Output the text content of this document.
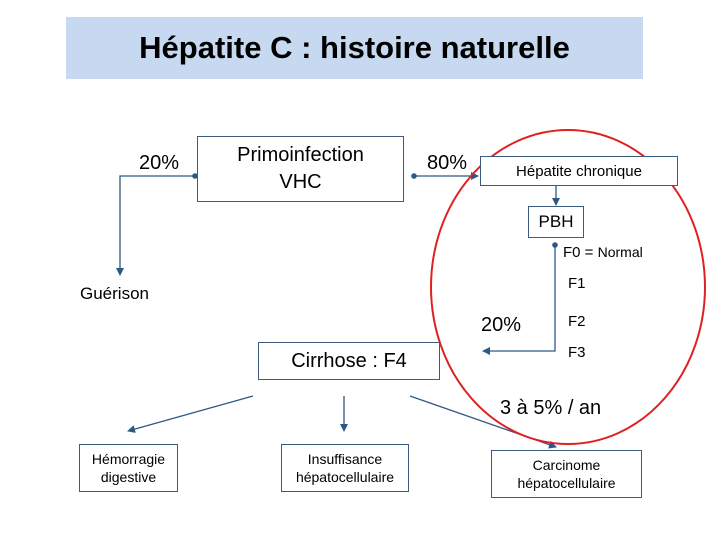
Hépatite C : histoire naturelle
Primoinfection
VHC
20%	80%	Hépatite chronique
PBH
F0 = Normal
F1
F2
F3
20%
Guérison
Cirrhose : F4
3 à 5% / an
Hémorragie
digestive
Insuffisance
hépatocellulaire
Carcinome
hépatocellulaire
